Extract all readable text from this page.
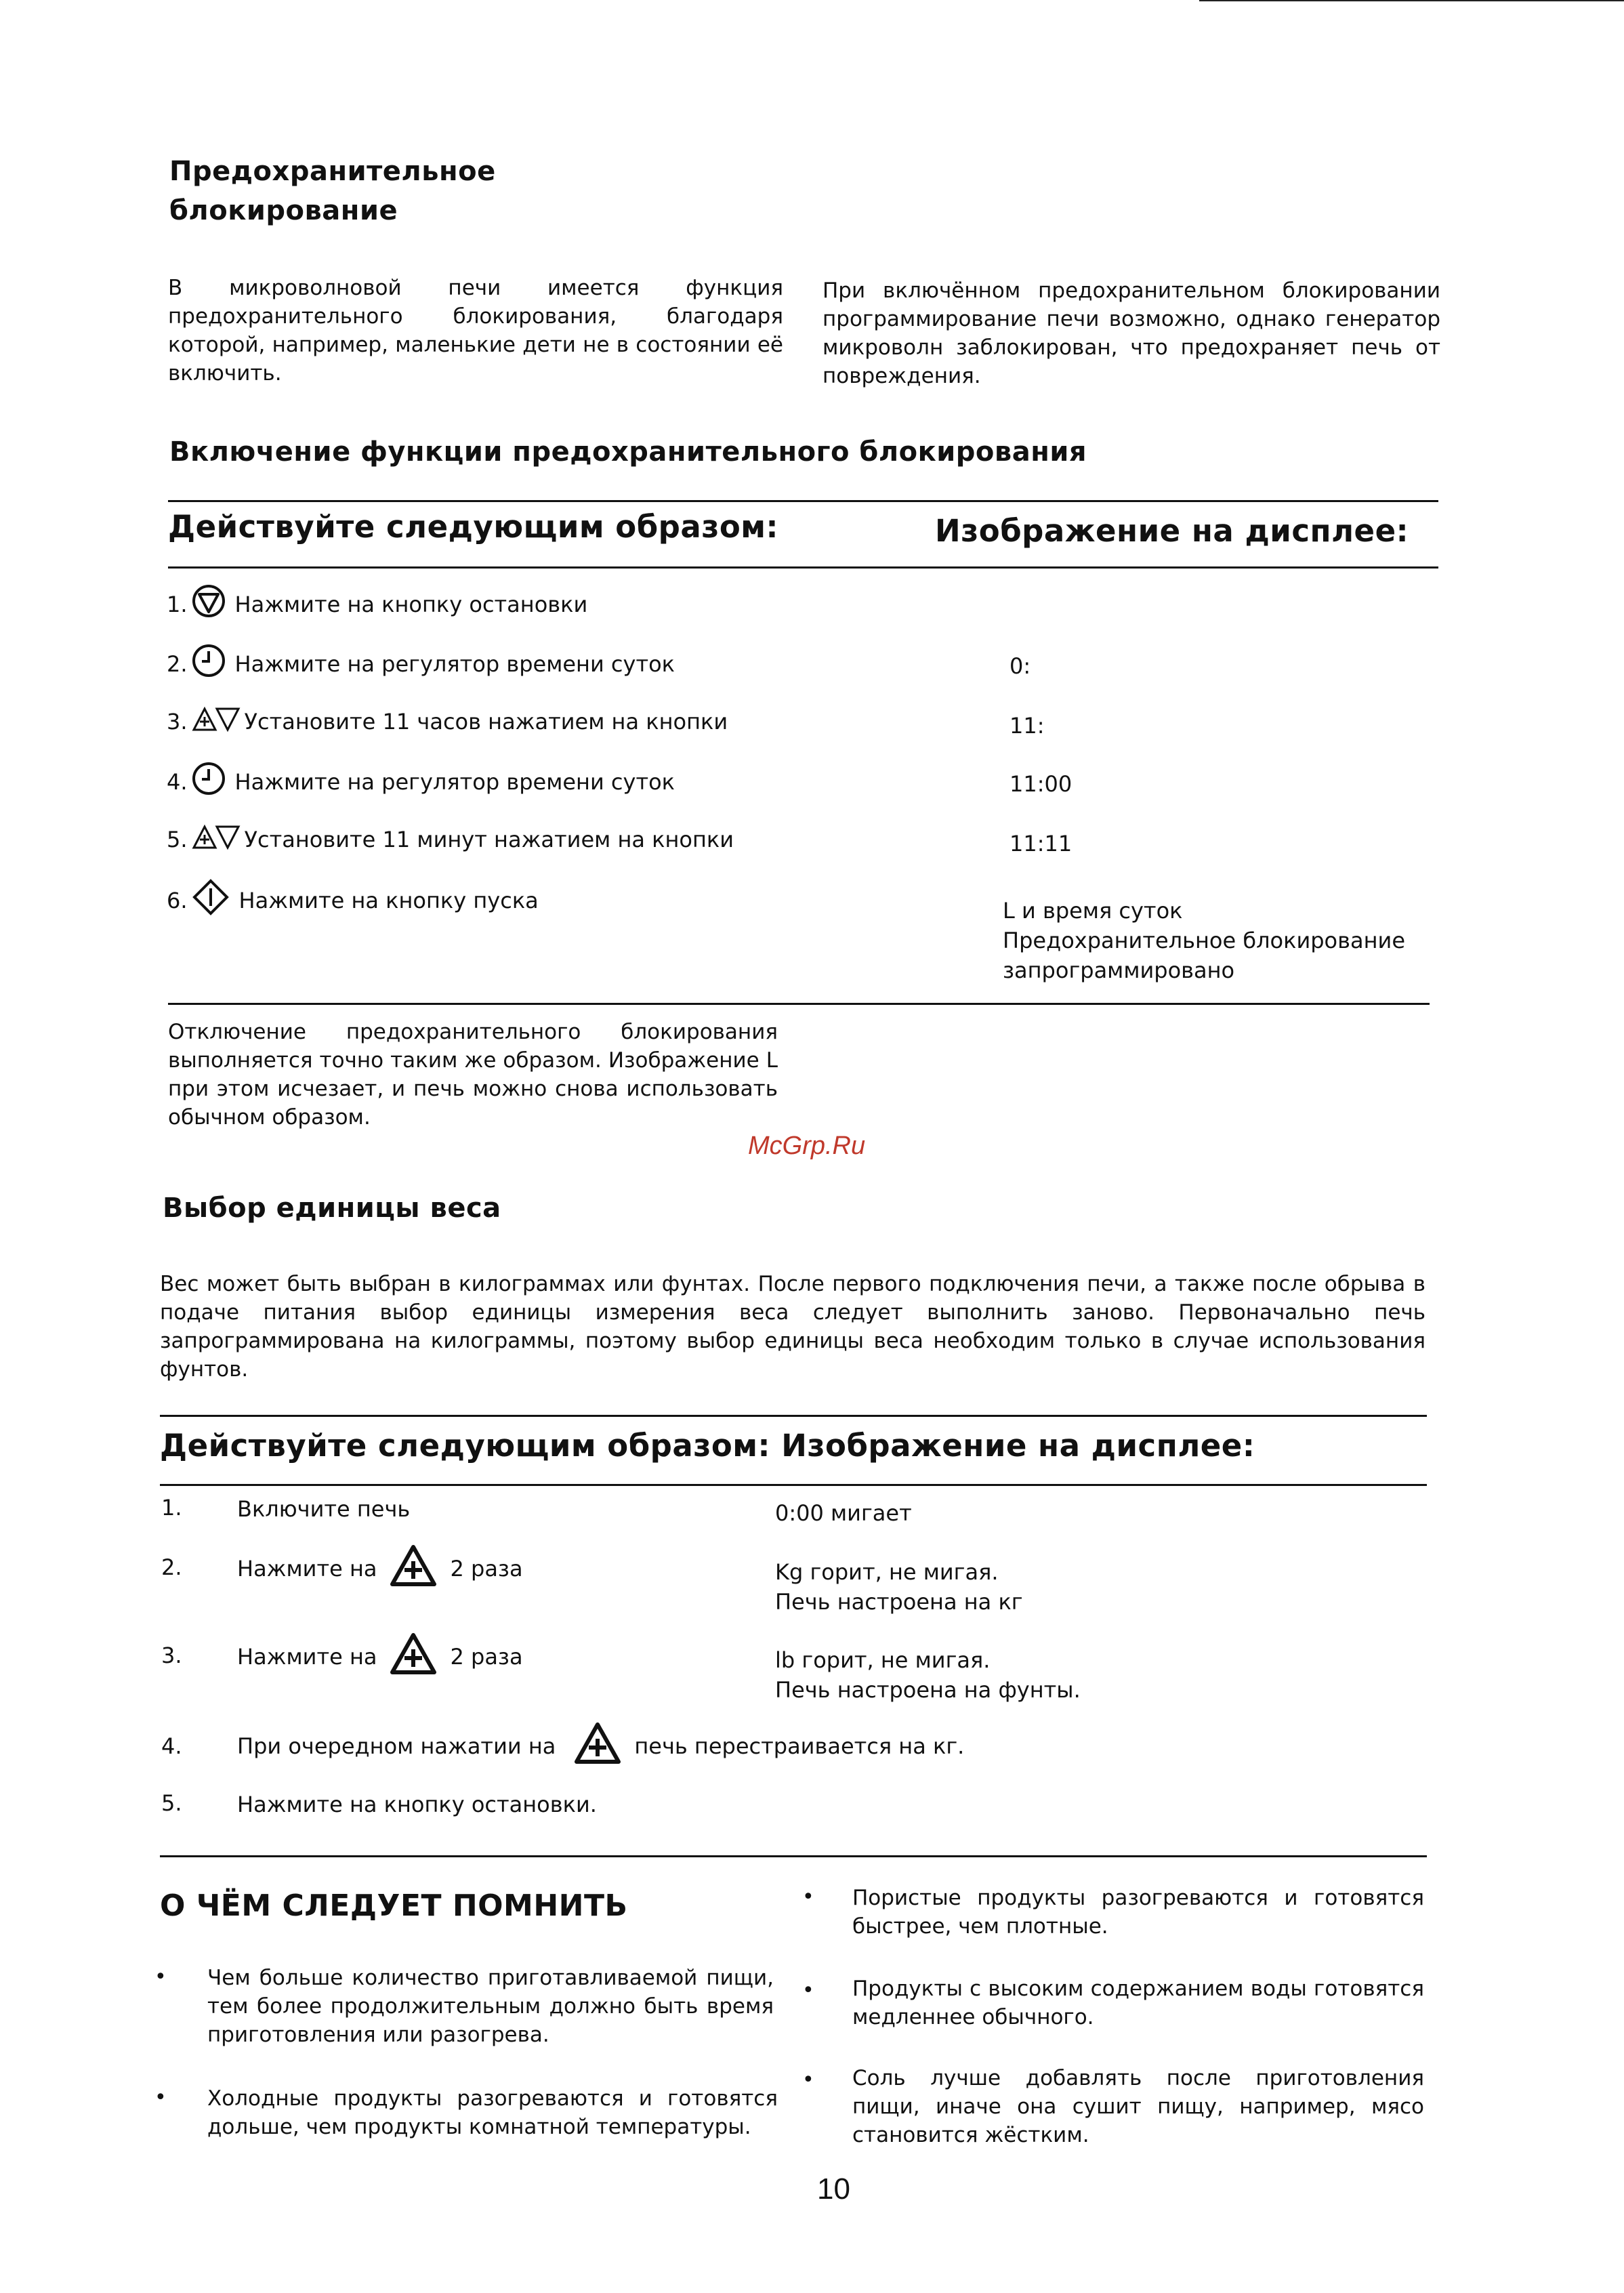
Предохранительное
блокирование
В микроволновой печи имеется функция предохранительного блокирования, благодаря которой, например, маленькие дети не в состоянии её включить.
При включённом предохранительном блокировании программирование печи возможно, однако генератор микроволн заблокирован, что предохраняет печь от повреждения.
Включение функции предохранительного блокирования
Действуйте следующим образом:	Изображение на дисплее:
1. Нажмите на кнопку остановки
2. Нажмите на регулятор времени суток	0:
3.	Установите 11 часов нажатием на кнопки	11:
4. Нажмите на регулятор времени суток	11:00
5.	Установите 11 минут нажатием на кнопки	11:11
6. Нажмите на кнопку пуска	L и время суток
Предохранительное блокирование
запрограммировано
Отключение предохранительного блокирования выполняется точно таким же образом. Изображение L при этом исчезает, и печь можно снова использовать обычном образом.
McGrp.Ru
Выбор единицы веса
Вес может быть выбран в килограммах или фунтах. После первого подключения печи, а также после обрыва в подаче питания выбор единицы измерения веса следует выполнить заново. Первоначально печь запрограммирована на килограммы, поэтому выбор единицы веса необходим только в случае использования фунтов.
Действуйте следующим образом: Изображение на дисплее:
1.	Включите печь	0:00 мигает
2.	Нажмите на	2 раза	Kg горит, не мигая.
Печь настроена на кг
3.	Нажмите на	2 раза	lb горит, не мигая.
Печь настроена на фунты.
4.	При очередном нажатии на	печь перестраивается на кг.
5.	Нажмите на кнопку остановки.
О ЧЁМ СЛЕДУЕТ ПОМНИТЬ
• Чем больше количество приготавливаемой пищи, тем более продолжительным должно быть время приготовления или разогрева.
• Холодные продукты разогреваются и готовятся дольше, чем продукты комнатной температуры.
• Пористые продукты разогреваются и готовятся быстрее, чем плотные.
• Продукты с высоким содержанием воды готовятся медленнее обычного.
• Соль лучше добавлять после приготовления пищи, иначе она сушит пищу, например, мясо становится жёстким.
10
